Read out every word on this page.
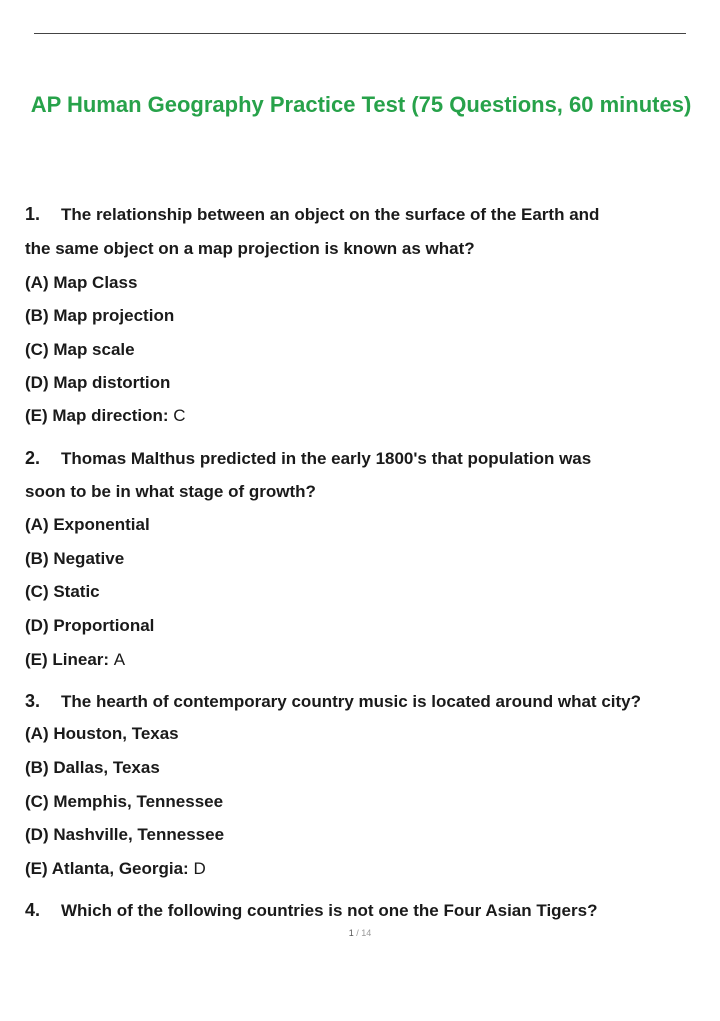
AP Human Geography Practice Test (75 Questions, 60 minutes)
1. The relationship between an object on the surface of the Earth and
the same object on a map projection is known as what?
(A) Map Class
(B) Map projection
(C) Map scale
(D) Map distortion
(E) Map direction: C
2. Thomas Malthus predicted in the early 1800's that population was
soon to be in what stage of growth?
(A) Exponential
(B) Negative
(C) Static
(D) Proportional
(E) Linear: A
3. The hearth of contemporary country music is located around what city?
(A) Houston, Texas
(B) Dallas, Texas
(C) Memphis, Tennessee
(D) Nashville, Tennessee
(E) Atlanta, Georgia: D
4. Which of the following countries is not one the Four Asian Tigers?
1 / 14
